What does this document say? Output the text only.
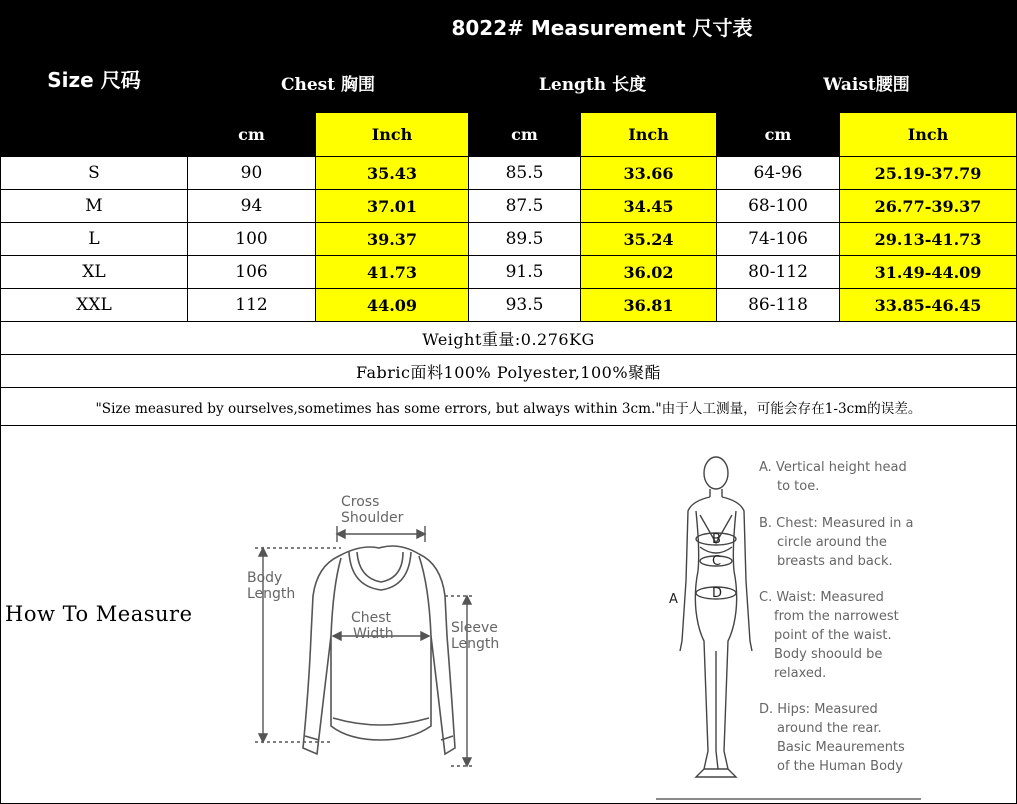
Size 尺码	8022# Measurement 尺寸表					
	Chest 胸围		Length 长度		Waist腰围	
	cm	Inch	cm	Inch	cm	Inch
S	90	35.43	85.5	33.66	64-96	25.19-37.79
M	94	37.01	87.5	34.45	68-100	26.77-39.37
L	100	39.37	89.5	35.24	74-106	29.13-41.73
XL	106	41.73	91.5	36.02	80-112	31.49-44.09
XXL	112	44.09	93.5	36.81	86-118	33.85-46.45
Weight重量:0.276KG						
Fabric面料100% Polyester,100%聚酯						
"Size measured by ourselves,sometimes has some errors, but always within 3cm."由于人工测量，可能会存在1-3cm的误差。						
How To Measure
Cross Shoulder
Body Length
Chest Width	Sleeve Length
B
C
D
A
A. Vertical height head to toe.
B. Chest: Measured in a circle around the breasts and back.
C. Waist: Measured from the narrowest point of the waist. Body shoould be relaxed.
D. Hips: Measured around the rear. Basic Meaurements of the Human Body
